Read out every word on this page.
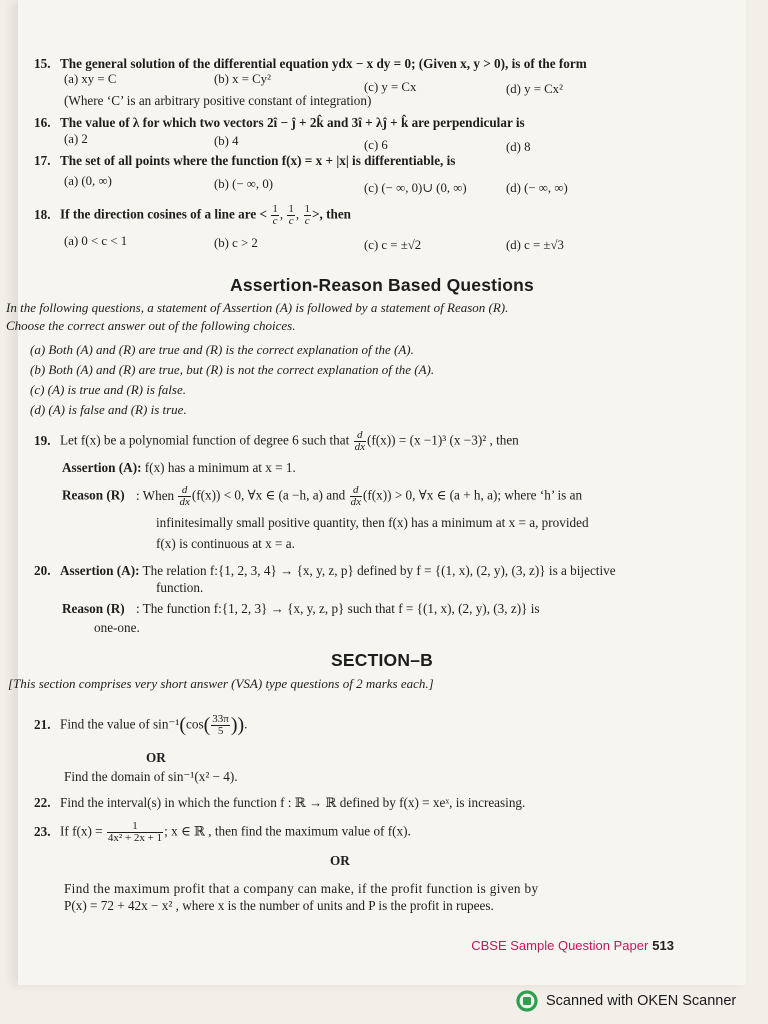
15. The general solution of the differential equation ydx − x dy = 0; (Given x, y > 0), is of the form
(a) xy = C	(b) x = Cy²
(c) y = Cx	(d) y = Cx²
(Where ‘C’ is an arbitrary positive constant of integration)
16. The value of λ for which two vectors 2î − ĵ + 2k̂ and 3î + λĵ + k̂ are perpendicular is
(a) 2	(b) 4	(c) 6	(d) 8
17. The set of all points where the function f(x) = x + |x| is differentiable, is
(a) (0, ∞)	(b) (− ∞, 0)	(c) (− ∞, 0)∪ (0, ∞)	(d) (− ∞, ∞)
18. If the direction cosines of a line are < $\frac{1}{c}$ , $\frac{1}{c}$ , $\frac{1}{c}$ >, then
(a) 0 < c < 1	(b) c > 2	(c) c = ±√2	(d) c = ±√3
Assertion-Reason Based Questions
In the following questions, a statement of Assertion (A) is followed by a statement of Reason (R).
Choose the correct answer out of the following choices.
(a) Both (A) and (R) are true and (R) is the correct explanation of the (A).
(b) Both (A) and (R) are true, but (R) is not the correct explanation of the (A).
(c) (A) is true and (R) is false.
(d) (A) is false and (R) is true.
19. Let f(x) be a polynomial function of degree 6 such that $\frac{d}{dx} (f(x)) = (x -1)^3$ (x −3)² , then
Assertion (A): f(x) has a minimum at x = 1.
Reason (R) : When $\frac{d}{dx} (f(x)) < 0$, ∀x ∈ (a −h, a) and $\frac{d}{dx} (f(x)) > 0$, ∀x ∈ (a + h, a); where ‘h’ is an
infinitesimally small positive quantity, then f(x) has a minimum at x = a, provided
f(x) is continuous at x = a.
20. Assertion (A): The relation f:{1, 2, 3, 4} → {x, y, z, p} defined by f = {(1, x), (2, y), (3, z)} is a bijective
function.
Reason (R) : The function f:{1, 2, 3} → {x, y, z, p} such that f = {(1, x), (2, y), (3, z)} is
one-one.
SECTION–B
[This section comprises very short answer (VSA) type questions of 2 marks each.]
21. Find the value of $\sin^{-1}(\cos( \frac{33\pi}{5}$ )).
OR
Find the domain of sin⁻¹(x² − 4).
22. Find the interval(s) in which the function f : ℝ → ℝ defined by f(x) = xeˣ, is increasing.
23. If $f(x) = \frac{1}{\text{4x² + 2x + 1}}$ ; x ∈ ℝ , then find the maximum value of f(x).
OR
Find the maximum profit that a company can make, if the profit function is given by
P(x) = 72 + 42x − x² , where x is the number of units and P is the profit in rupees.
CBSE Sample Question Paper 513
Scanned with OKEN Scanner
